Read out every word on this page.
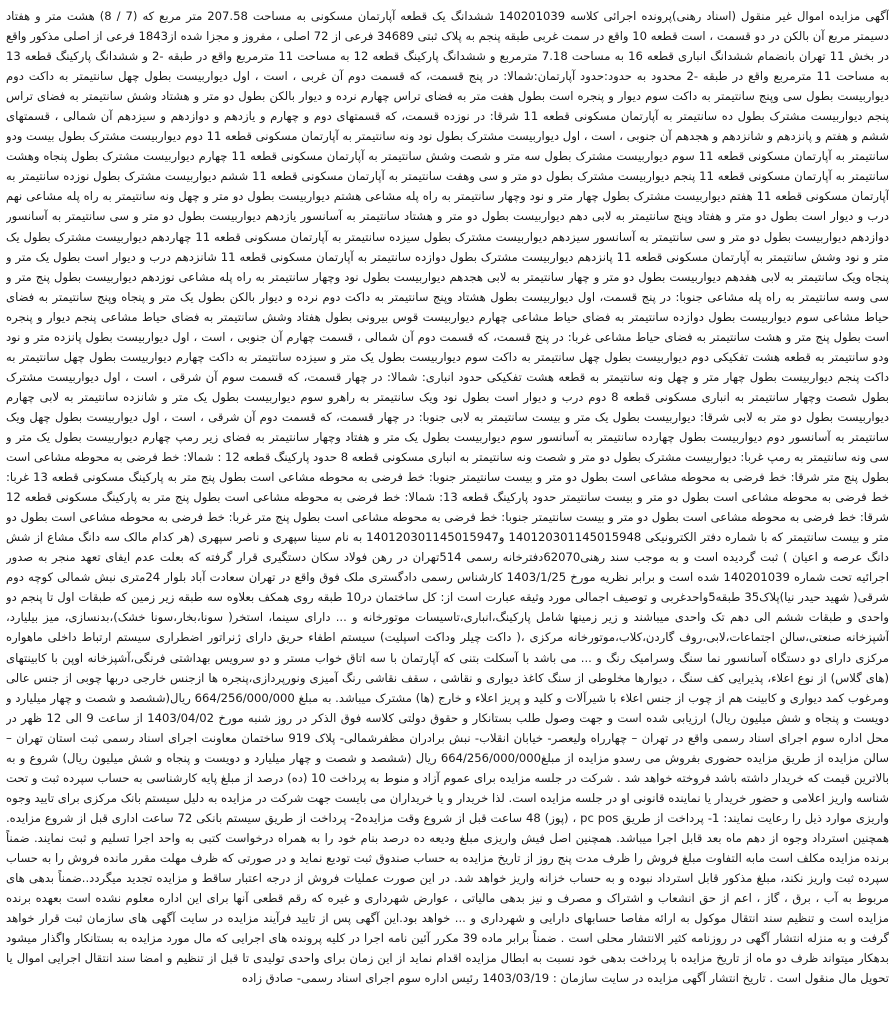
آگهی مزایده اموال غیر منقول (اسناد رهنی)پرونده اجرائی کلاسه 140201039 ششدانگ یک قطعه آپارتمان مسکونی به مساحت 207.58 متر مربع که (7 / 8) هشت متر و هفتاد دسیمتر مربع آن بالکن در دو قسمت ، است قطعه 10 واقع در سمت غربی طبقه پنجم به پلاک ثبتی 34689 فرعی از 72 اصلی ، مفروز و مجزا شده از1843 فرعی از اصلی مذکور واقع در بخش 11 تهران بانضمام ششدانگ انباری قطعه 16 به مساحت 7.18 مترمربع و ششدانگ پارکینگ قطعه 12 به مساحت 11 مترمربع واقع در طبقه -2 و ششدانگ پارکینگ قطعه 13 به مساحت 11 مترمربع واقع در طبقه -2 محدود به حدود:حدود آپارتمان:شمالا: در پنج قسمت، که قسمت دوم آن غربی ، است ، اول دیواربیست بطول چهل سانتیمتر به داکت دوم دیواربیست بطول سی وپنج سانتیمتر به داکت سوم دیوار و پنجره است بطول هفت متر به فضای تراس چهارم نرده و دیوار بالکن بطول دو متر و هشتاد وشش سانتیمتر به فضای تراس پنجم دیواربیست مشترک بطول ده سانتیمتر به آپارتمان مسکونی قطعه 11 شرقا: در نوزده قسمت، که قسمتهای دوم و چهارم و یازدهم و دوازدهم و سیزدهم آن شمالی ، قسمتهای ششم و هفتم و پانزدهم و شانزدهم و هجدهم آن جنوبی ، است ، اول دیواربیست مشترک بطول نود ونه سانتیمتر به آپارتمان مسکونی قطعه 11 دوم دیواربیست مشترک بطول بیست ودو سانتیمتر به آپارتمان مسکونی قطعه 11 سوم دیواربیست مشترک بطول سه متر و شصت وشش سانتیمتر به آپارتمان مسکونی قطعه 11 چهارم دیواربیست مشترک بطول پنجاه وهشت سانتیمتر به آپارتمان مسکونی قطعه 11 پنجم دیواربیست مشترک بطول دو متر و سی وهفت سانتیمتر به آپارتمان مسکونی قطعه 11 ششم دیواربیست مشترک بطول نوزده سانتیمتر به آپارتمان مسکونی قطعه 11 هفتم دیواربیست مشترک بطول چهار متر و نود وچهار سانتیمتر به راه پله مشاعی هشتم دیواربیست بطول دو متر و چهل ونه سانتیمتر به راه پله مشاعی نهم درب و دیوار است بطول دو متر و هفتاد وپنج سانتیمتر به لابی دهم دیواربیست بطول دو متر و هشتاد سانتیمتر به آسانسور یازدهم دیواربیست بطول دو متر و سی سانتیمتر به آسانسور دوازدهم دیواربیست بطول دو متر و سی سانتیمتر به آسانسور سیزدهم دیواربیست مشترک بطول سیزده سانتیمتر به آپارتمان مسکونی قطعه 11 چهاردهم دیواربیست مشترک بطول یک متر و نود وشش سانتیمتر به آپارتمان مسکونی قطعه 11 پانزدهم دیواربیست مشترک بطول دوازده سانتیمتر به آپارتمان مسکونی قطعه 11 شانزدهم درب و دیوار است بطول یک متر و پنجاه ویک سانتیمتر به لابی هفدهم دیواربیست بطول دو متر و چهار سانتیمتر به لابی هجدهم دیواربیست بطول نود وچهار سانتیمتر به راه پله مشاعی نوزدهم دیواربیست بطول پنج متر و سی وسه سانتیمتر به راه پله مشاعی جنوبا: در پنج قسمت، اول دیواربیست بطول هشتاد وپنج سانتیمتر به داکت دوم نرده و دیوار بالکن بطول یک متر و پنجاه وپنج سانتیمتر به فضای حیاط مشاعی سوم دیواربیست بطول دوازده سانتیمتر به فضای حیاط مشاعی چهارم دیواربیست قوس بیرونی بطول هفتاد وشش سانتیمتر به فضای حیاط مشاعی پنجم دیوار و پنجره است بطول پنج متر و هشت سانتیمتر به فضای حیاط مشاعی غربا: در پنج قسمت، که قسمت دوم آن شمالی ، قسمت چهارم آن جنوبی ، است ، اول دیواربیست بطول پانزده متر و نود ودو سانتیمتر به قطعه هشت تفکیکی دوم دیواربیست بطول چهل سانتیمتر به داکت سوم دیواربیست بطول یک متر و سیزده سانتیمتر به داکت چهارم دیواربیست بطول چهل سانتیمتر به داکت پنجم دیواربیست بطول چهار متر و چهل ونه سانتیمتر به قطعه هشت تفکیکی حدود انباری: شمالا: در چهار قسمت، که قسمت سوم آن شرقی ، است ، اول دیواربیست مشترک بطول شصت وچهار سانتیمتر به انباری مسکونی قطعه 8 دوم درب و دیوار است بطول نود ویک سانتیمتر به راهرو سوم دیواربیست بطول یک متر و شانزده سانتیمتر به لابی چهارم دیواربیست بطول دو متر به لابی شرقا: دیواربیست بطول یک متر و بیست سانتیمتر به لابی جنوبا: در چهار قسمت، که قسمت دوم آن شرقی ، است ، اول دیواربیست بطول چهل ویک سانتیمتر به آسانسور دوم دیواربیست بطول چهارده سانتیمتر به آسانسور سوم دیواربیست بطول یک متر و هفتاد وچهار سانتیمتر به فضای زیر رمپ چهارم دیواربیست بطول یک متر و سی ونه سانتیمتر به رمپ غربا: دیواربیست مشترک بطول دو متر و شصت ونه سانتیمتر به انباری مسکونی قطعه 8 حدود پارکینگ قطعه 12 : شمالا: خط فرضی به محوطه مشاعی است بطول پنج متر شرقا: خط فرضی به محوطه مشاعی است بطول دو متر و بیست سانتیمتر جنوبا: خط فرضی به محوطه مشاعی است بطول پنج متر به پارکینگ مسکونی قطعه 13 غربا: خط فرضی به محوطه مشاعی است بطول دو متر و بیست سانتیمتر حدود پارکینگ قطعه 13: شمالا: خط فرضی به محوطه مشاعی است بطول پنج متر به پارکینگ مسکونی قطعه 12 شرقا: خط فرضی به محوطه مشاعی است بطول دو متر و بیست سانتیمتر جنوبا: خط فرضی به محوطه مشاعی است بطول پنج متر غربا: خط فرضی به محوطه مشاعی است بطول دو متر و بیست سانتیمتر که با شماره دفتر الکترونیکی 140120301145015948 و140120301145015947 به نام سینا سپهری و ناصر سپهری (هر کدام مالک سه دانگ مشاع از شش دانگ عرصه و اعیان ) ثبت گردیده است و به موجب سند رهنی62070دفترخانه رسمی 514تهران در رهن فولاد سکان دستگیری قرار گرفته که بعلت عدم ایفای تعهد منجر به صدور اجرائیه تحت شماره 140201039 شده است و برابر نظریه مورخ 1403/1/25 کارشناس رسمی دادگستری ملک فوق واقع در تهران سعادت آباد بلوار 24متری نبش شمالی کوچه دوم شرقی( شهید حیدر نیا)پلاک35 طبقه5واحدغربی و توصیف اجمالی مورد وثیقه عبارت است از: کل ساختمان در10 طبقه روی همکف بعلاوه سه طبقه زیر زمین که طبقات اول تا پنجم دو واحدی و طبقات ششم الی دهم تک واحدی میباشند و زیر زمینها شامل پارکینگ،انباری،تاسیسات موتورخانه و ... دارای سینما، استخر( سونا،بخار،سونا خشک)،بدنسازی، میز بیلیارد، آشپزخانه صنعتی،سالن اجتماعات،لابی،روف گاردن،کلاب،موتورخانه مرکزی ،( داکت چیلر وداکت اسپلیت) سیستم اطفاء حریق دارای ژنراتور اضطراری سیستم ارتباط داخلی ماهواره مرکزی دارای دو دستگاه آسانسور نما سنگ وسرامیک رنگ و ... می باشد با آسکلت بتنی که آپارتمان با سه اتاق خواب مستر و دو سرویس بهداشتی فرنگی،آشپزخانه اوپن با کابینتهای (های گلاس) از نوع اعلاء، پذیرایی کف سنگ ، دیوارها مخلوطی از سنگ کاغذ دیواری و نقاشی ، سقف نقاشی رنگ آمیزی ونورپردازی،پنجره ها ازجنس خارجی دربها چوبی از جنس عالی ومرغوب کمد دیواری و کابینت هم از چوب از جنس اعلاء با شیرآلات و کلید و پریز اعلاء و خارج (ها) مشترک میباشد. به مبلغ 664/256/000/000 ریال(ششصد و شصت و چهار میلیارد و دویست و پنجاه و شش میلیون ریال) ارزیابی شده است و جهت وصول طلب بستانکار و حقوق دولتی کلاسه فوق الذکر در روز شنبه مورخ 1403/04/02 از ساعت 9 الی 12 ظهر در محل اداره سوم اجرای اسناد رسمی واقع در تهران – چهارراه ولیعصر- خیابان انقلاب- نبش برادران مظفرشمالی- پلاک 919 ساختمان معاونت اجرای اسناد رسمی ثبت استان تهران – سالن مزایده از طریق مزایده حضوری بفروش می رسدو مزایده از مبلغ664/256/000/000 ریال (ششصد و شصت و چهار میلیارد و دویست و پنجاه و شش میلیون ریال) شروع و به بالاترین قیمت که خریدار داشته باشد فروخته خواهد شد . شرکت در جلسه مزایده برای عموم آزاد و منوط به پرداخت 10 (ده) درصد از مبلغ پایه کارشناسی به حساب سپرده ثبت و تحت شناسه واریز اعلامی و حضور خریدار یا نماینده قانونی او در جلسه مزایده است. لذا خریدار و یا خریداران می بایست جهت شرکت در مزایده به دلیل سیستم بانک مرکزی برای تایید وجوه واریزی موارد ذیل را رعایت نمایند: 1- پرداخت از طریق pc pos ، (پوز) 48 ساعت قبل از شروع وقت مزایده2- پرداخت از طریق سیستم بانکی 72 ساعت اداری قبل از شروع مزایده. همچنین استرداد وجوه از دهم ماه بعد قابل اجرا میباشد. همچنین اصل فیش واریزی مبلغ ودیعه ده درصد بنام خود را به همراه درخواست کتبی به واحد اجرا تسلیم و ثبت نمایند. ضمناً برنده مزایده مکلف است مابه التفاوت مبلغ فروش را ظرف مدت پنج روز از تاریخ مزایده به حساب صندوق ثبت تودیع نماید و در صورتی که ظرف مهلت مقرر مانده فروش را به حساب سپرده ثبت واریز نکند، مبلغ مذکور قابل استرداد نبوده و به حساب خزانه واریز خواهد شد. در این صورت عملیات فروش از درجه اعتبار ساقط و مزایده تجدید میگردد..ضمناً بدهی های مربوط به آب ، برق ، گاز ، اعم از حق انشعاب و اشتراک و مصرف و نیز بدهی مالیاتی ، عوارض شهرداری و غیره که رقم قطعی آنها برای این اداره معلوم نشده است بعهده برنده مزایده است و تنظیم سند انتقال موکول به ارائه مفاصا حسابهای دارایی و شهرداری و ... خواهد بود.این آگهی پس از تایید فرآیند مزایده در سایت آگهی های سازمان ثبت قرار خواهد گرفت و به منزله انتشار آگهی در روزنامه کثیر الانتشار محلی است . ضمناً برابر ماده 39 مکرر آئین نامه اجرا در کلیه پرونده های اجرایی که مال مورد مزایده به بستانکار واگذار میشود بدهکار میتواند ظرف دو ماه از تاریخ مزایده با پرداخت بدهی خود نسبت به ابطال مزایده اقدام نماید از این زمان برای واحدی تولیدی تا قبل از تنظیم و امضا سند انتقال اجرایی اموال یا تحویل مال منقول است . تاریخ انتشار آگهی مزایده در سایت سازمان : 1403/03/19 رئیس اداره سوم اجرای اسناد رسمی- صادق زاده
